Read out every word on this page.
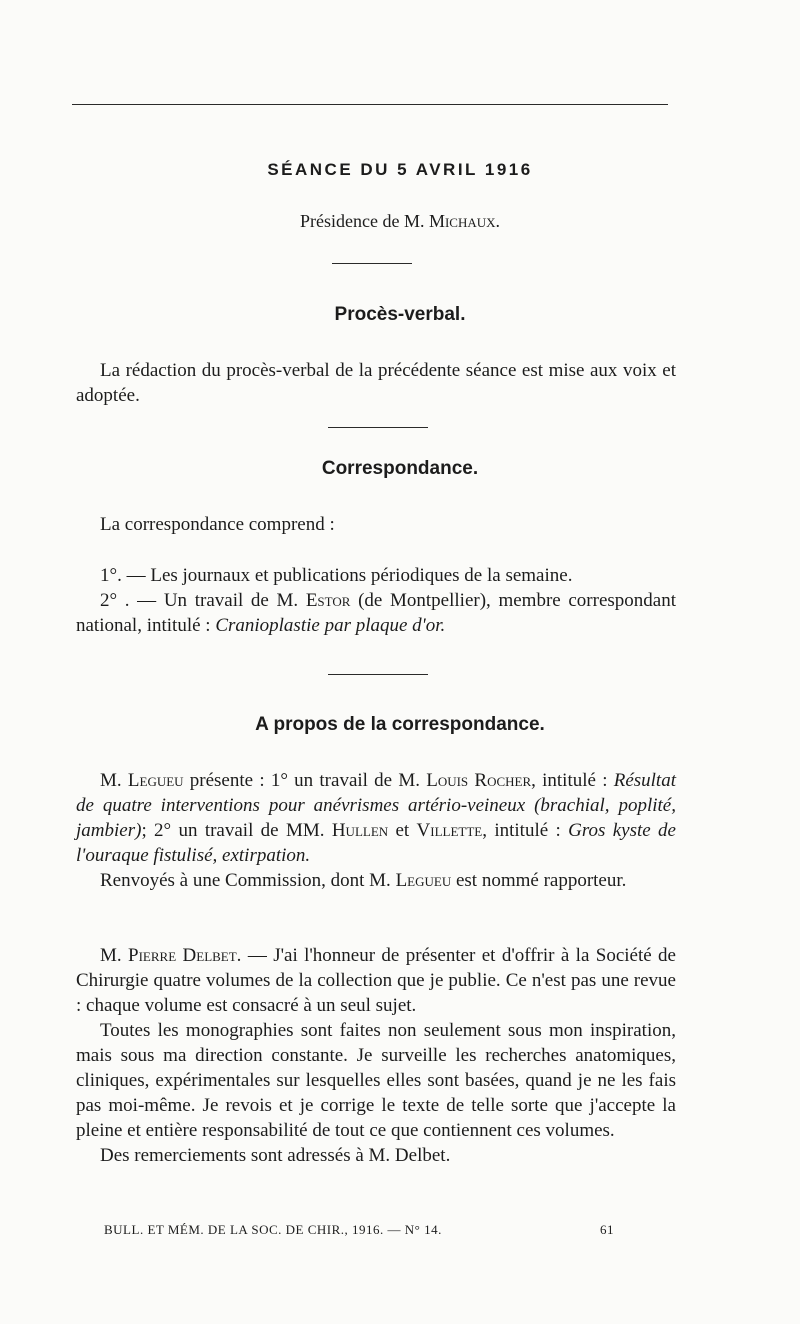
SÉANCE DU 5 AVRIL 1916
Présidence de M. Michaux.
Procès-verbal.
La rédaction du procès-verbal de la précédente séance est mise aux voix et adoptée.
Correspondance.
La correspondance comprend :

1°. — Les journaux et publications périodiques de la semaine.

2° . — Un travail de M. Estor (de Montpellier), membre correspondant national, intitulé : Cranioplastie par plaque d'or.

A propos de la correspondance.

M. Legueu présente : 1° un travail de M. Louis Rocher, intitulé : Résultat de quatre interventions pour anévrismes artério-veineux (brachial, poplité, jambier); 2° un travail de MM. Hullen et Villette, intitulé : Gros kyste de l'ouraque fistulisé, extirpation.

Renvoyés à une Commission, dont M. Legueu est nommé rapporteur.

M. Pierre Delbet. — J'ai l'honneur de présenter et d'offrir à la Société de Chirurgie quatre volumes de la collection que je publie. Ce n'est pas une revue : chaque volume est consacré à un seul sujet.

Toutes les monographies sont faites non seulement sous mon inspiration, mais sous ma direction constante. Je surveille les recherches anatomiques, cliniques, expérimentales sur lesquelles elles sont basées, quand je ne les fais pas moi-même. Je revois et je corrige le texte de telle sorte que j'accepte la pleine et entière responsabilité de tout ce que contiennent ces volumes.

Des remerciements sont adressés à M. Delbet.

BULL. ET MÉM. DE LA SOC. DE CHIR., 1916. — N° 14.	61
